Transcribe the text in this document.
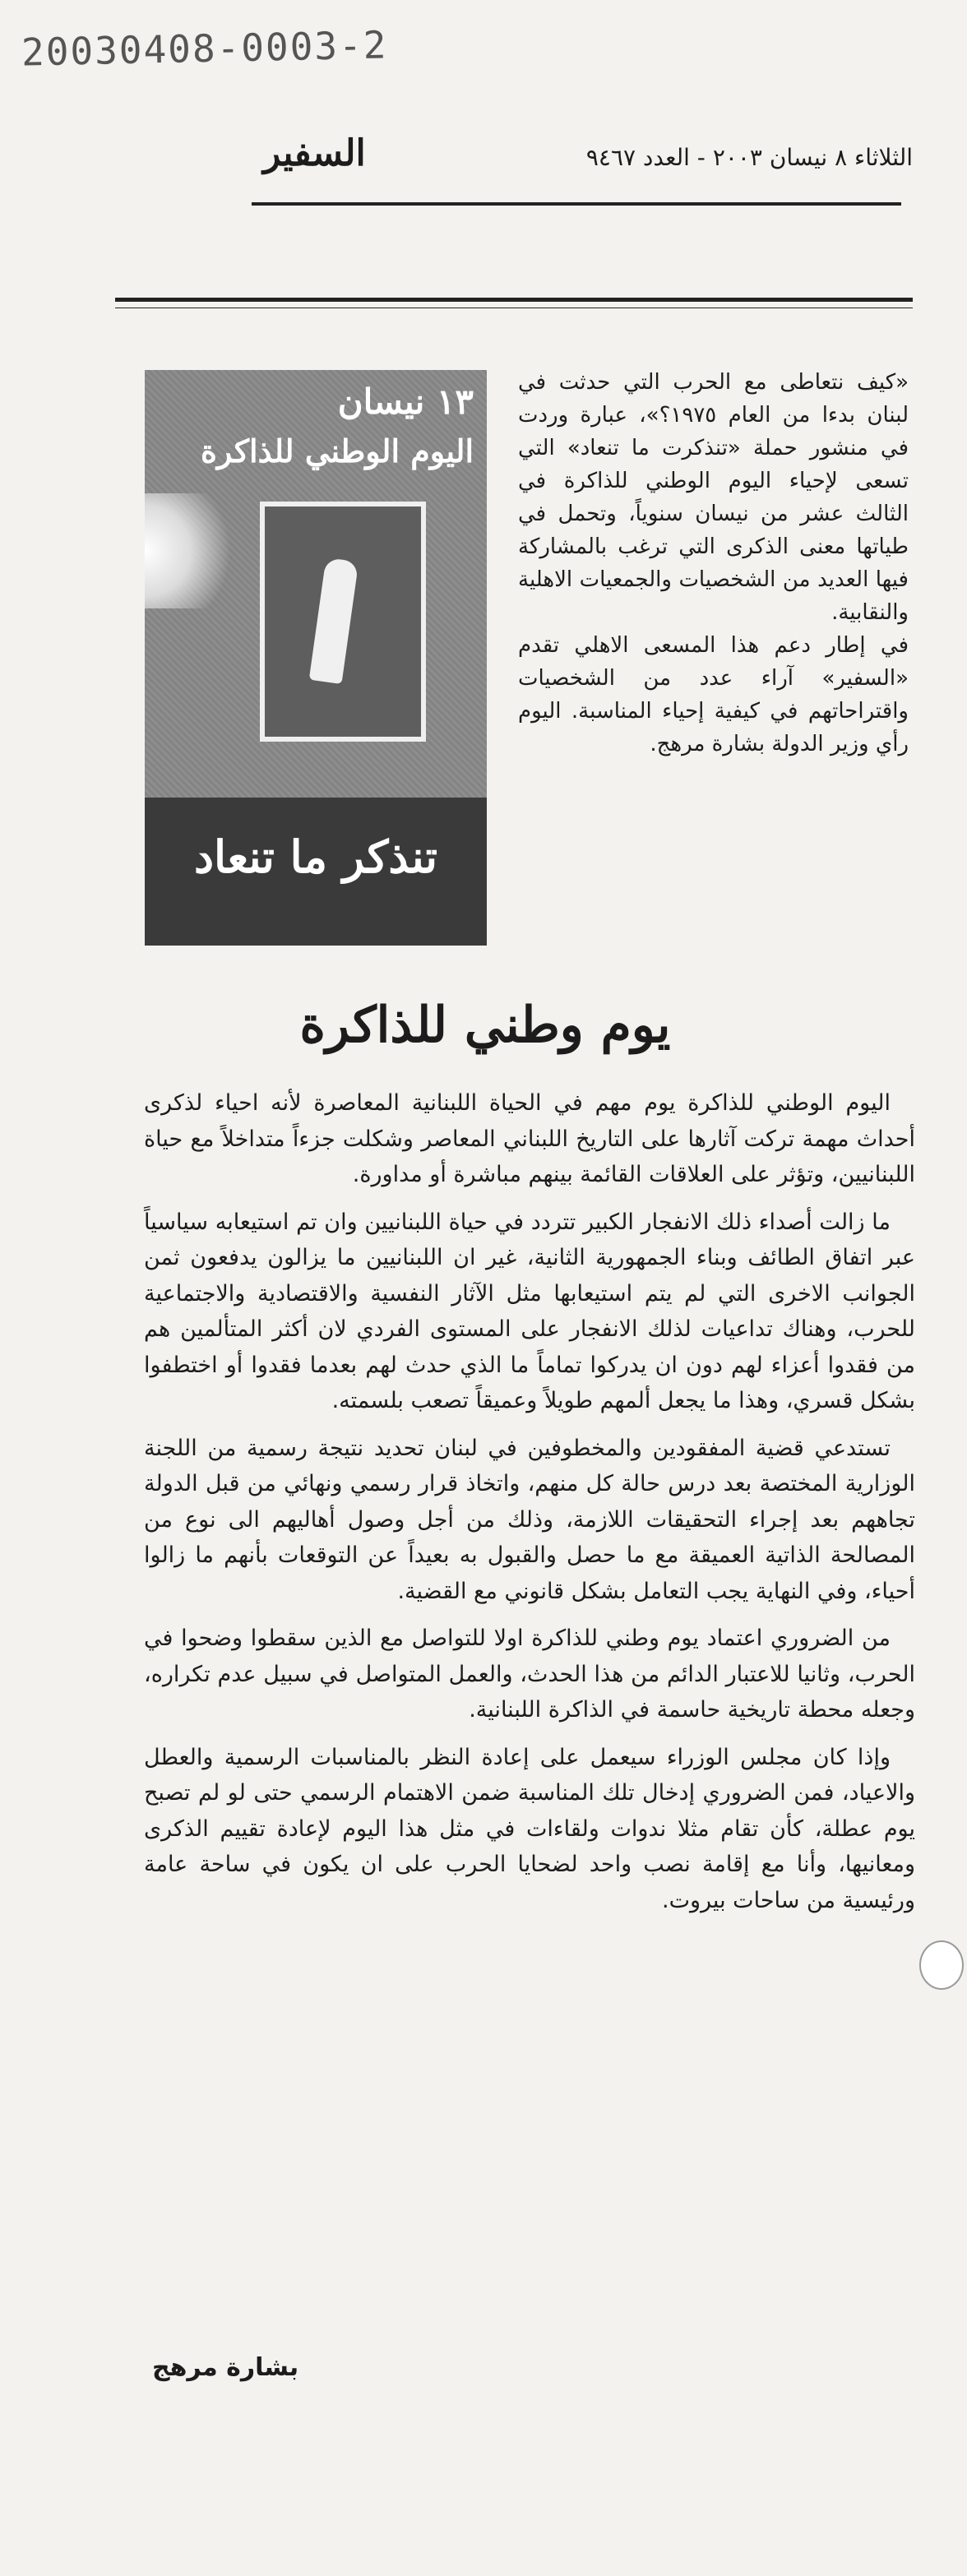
20030408-0003-2
السفير	الثلاثاء ٨ نيسان ٢٠٠٣ - العدد ٩٤٦٧
١٣ نيسان
اليوم الوطني للذاكرة
تنذكر ما تنعاد

«كيف نتعاطى مع الحرب التي حدثت في لبنان بدءا من العام ١٩٧٥؟»، عبارة وردت في منشور حملة «تنذكرت ما تنعاد» التي تسعى لإحياء اليوم الوطني للذاكرة في الثالث عشر من نيسان سنوياً، وتحمل في طياتها معنى الذكرى التي ترغب بالمشاركة فيها العديد من الشخصيات والجمعيات الاهلية والنقابية.

في إطار دعم هذا المسعى الاهلي تقدم «السفير» آراء عدد من الشخصيات واقتراحاتهم في كيفية إحياء المناسبة. اليوم رأي وزير الدولة بشارة مرهج.

يوم وطني للذاكرة

اليوم الوطني للذاكرة يوم مهم في الحياة اللبنانية المعاصرة لأنه احياء لذكرى أحداث مهمة تركت آثارها على التاريخ اللبناني المعاصر وشكلت جزءاً متداخلاً مع حياة اللبنانيين، وتؤثر على العلاقات القائمة بينهم مباشرة أو مداورة.

ما زالت أصداء ذلك الانفجار الكبير تتردد في حياة اللبنانيين وان تم استيعابه سياسياً عبر اتفاق الطائف وبناء الجمهورية الثانية، غير ان اللبنانيين ما يزالون يدفعون ثمن الجوانب الاخرى التي لم يتم استيعابها مثل الآثار النفسية والاقتصادية والاجتماعية للحرب، وهناك تداعيات لذلك الانفجار على المستوى الفردي لان أكثر المتألمين هم من فقدوا أعزاء لهم دون ان يدركوا تماماً ما الذي حدث لهم بعدما فقدوا أو اختطفوا بشكل قسري، وهذا ما يجعل ألمهم طويلاً وعميقاً تصعب بلسمته.

تستدعي قضية المفقودين والمخطوفين في لبنان تحديد نتيجة رسمية من اللجنة الوزارية المختصة بعد درس حالة كل منهم، واتخاذ قرار رسمي ونهائي من قبل الدولة تجاههم بعد إجراء التحقيقات اللازمة، وذلك من أجل وصول أهاليهم الى نوع من المصالحة الذاتية العميقة مع ما حصل والقبول به بعيداً عن التوقعات بأنهم ما زالوا أحياء، وفي النهاية يجب التعامل بشكل قانوني مع القضية.

من الضروري اعتماد يوم وطني للذاكرة اولا للتواصل مع الذين سقطوا وضحوا في الحرب، وثانيا للاعتبار الدائم من هذا الحدث، والعمل المتواصل في سبيل عدم تكراره، وجعله محطة تاريخية حاسمة في الذاكرة اللبنانية.

وإذا كان مجلس الوزراء سيعمل على إعادة النظر بالمناسبات الرسمية والعطل والاعياد، فمن الضروري إدخال تلك المناسبة ضمن الاهتمام الرسمي حتى لو لم تصبح يوم عطلة، كأن تقام مثلا ندوات ولقاءات في مثل هذا اليوم لإعادة تقييم الذكرى ومعانيها، وأنا مع إقامة نصب واحد لضحايا الحرب على ان يكون في ساحة عامة ورئيسية من ساحات بيروت.

بشارة مرهج
